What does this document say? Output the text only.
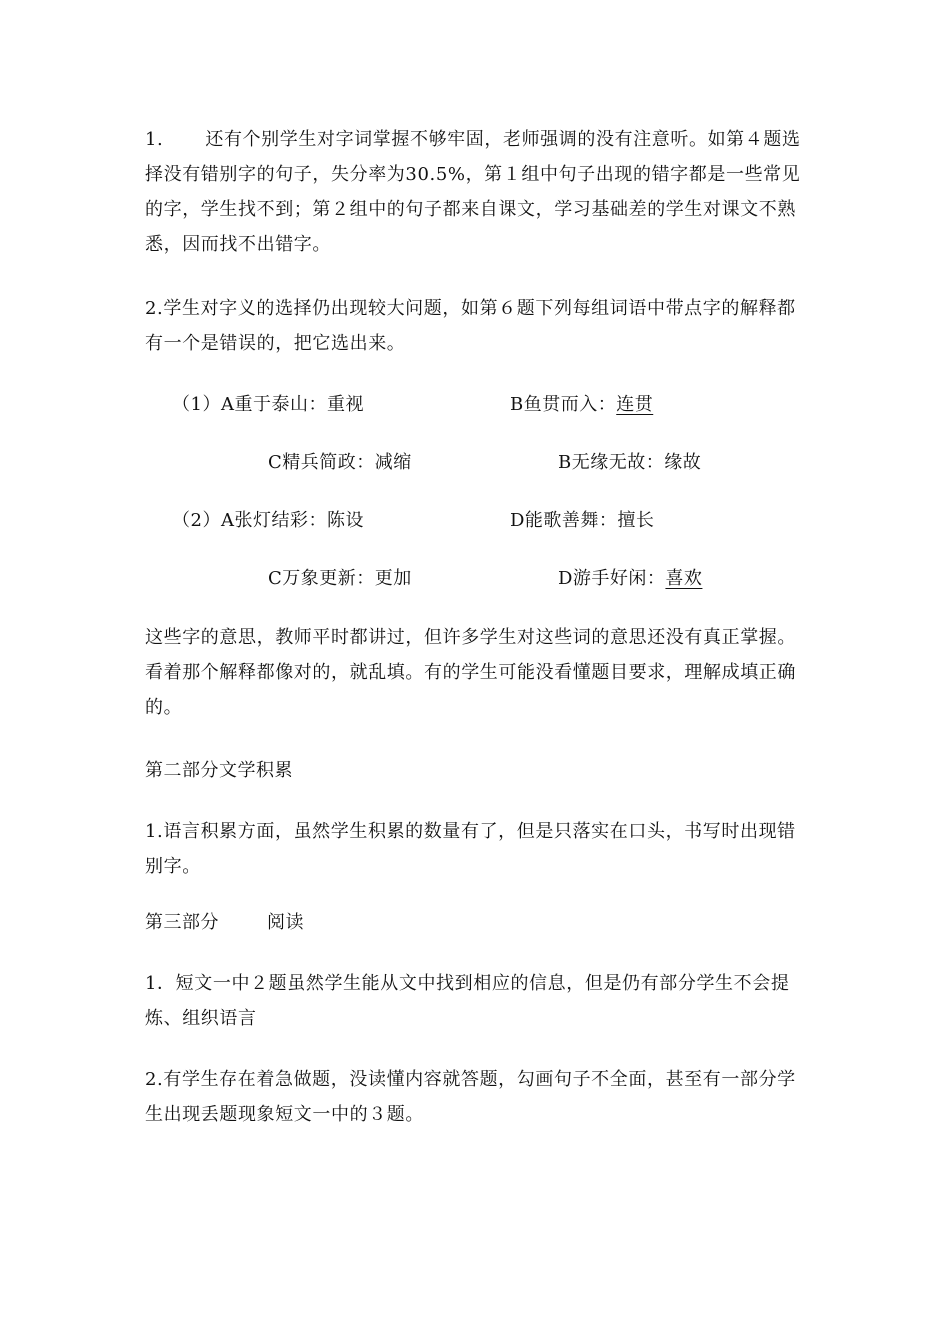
1. 还有个别学生对字词掌握不够牢固，老师强调的没有注意听。如第４题选择没有错别字的句子，失分率为30.5%，第１组中句子出现的错字都是一些常见的字，学生找不到；第２组中的句子都来自课文，学习基础差的学生对课文不熟悉，因而找不出错字。

2.学生对字义的选择仍出现较大问题，如第６题下列每组词语中带点字的解释都有一个是错误的，把它选出来。

（1）A重于泰山：重视	B鱼贯而入：连贯
C精兵简政：减缩	B无缘无故：缘故
（2）A张灯结彩：陈设	D能歌善舞：擅长
C万象更新：更加	D游手好闲：喜欢

这些字的意思，教师平时都讲过，但许多学生对这些词的意思还没有真正掌握。看着那个解释都像对的，就乱填。有的学生可能没看懂题目要求，理解成填正确的。

第二部分文学积累

1.语言积累方面，虽然学生积累的数量有了，但是只落实在口头，书写时出现错别字。

第三部分	阅读

1．短文一中２题虽然学生能从文中找到相应的信息，但是仍有部分学生不会提炼、组织语言

2.有学生存在着急做题，没读懂内容就答题，勾画句子不全面，甚至有一部分学生出现丢题现象短文一中的３题。
